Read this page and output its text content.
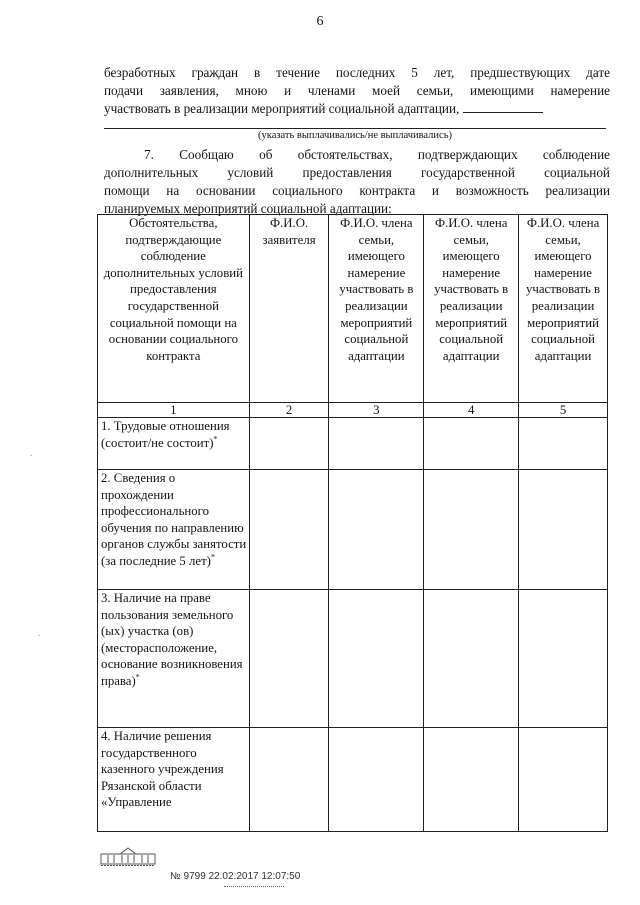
6
безработных граждан в течение последних 5 лет, предшествующих дате
подачи заявления, мною и членами моей семьи, имеющими намерение
участвовать в реализации мероприятий социальной адаптации,
(указать выплачивались/не выплачивались)
7. Сообщаю об обстоятельствах, подтверждающих соблюдение
дополнительных условий предоставления государственной социальной
помощи на основании социального контракта и возможность реализации
планируемых мероприятий социальной адаптации:
Обстоятельства, подтверждающие соблюдение дополнительных условий предоставления государственной социальной помощи на основании социального контракта	Ф.И.О. заявителя	Ф.И.О. члена семьи, имеющего намерение участвовать в реализации мероприятий социальной адаптации	Ф.И.О. члена семьи, имеющего намерение участвовать в реализации мероприятий социальной адаптации	Ф.И.О. члена семьи, имеющего намерение участвовать в реализации мероприятий социальной адаптации
1	2	3	4	5
1. Трудовые отношения (состоит/не состоит)*				
2. Сведения о прохождении профессионального обучения по направлению органов службы занятости (за последние 5 лет)*				
3. Наличие на праве пользования земельного (ых) участка (ов) (месторасположение, основание возникновения права)*				
4. Наличие решения государственного казенного учреждения Рязанской области «Управление				
№ 9799 22.02.2017 12:07:50
.
.
